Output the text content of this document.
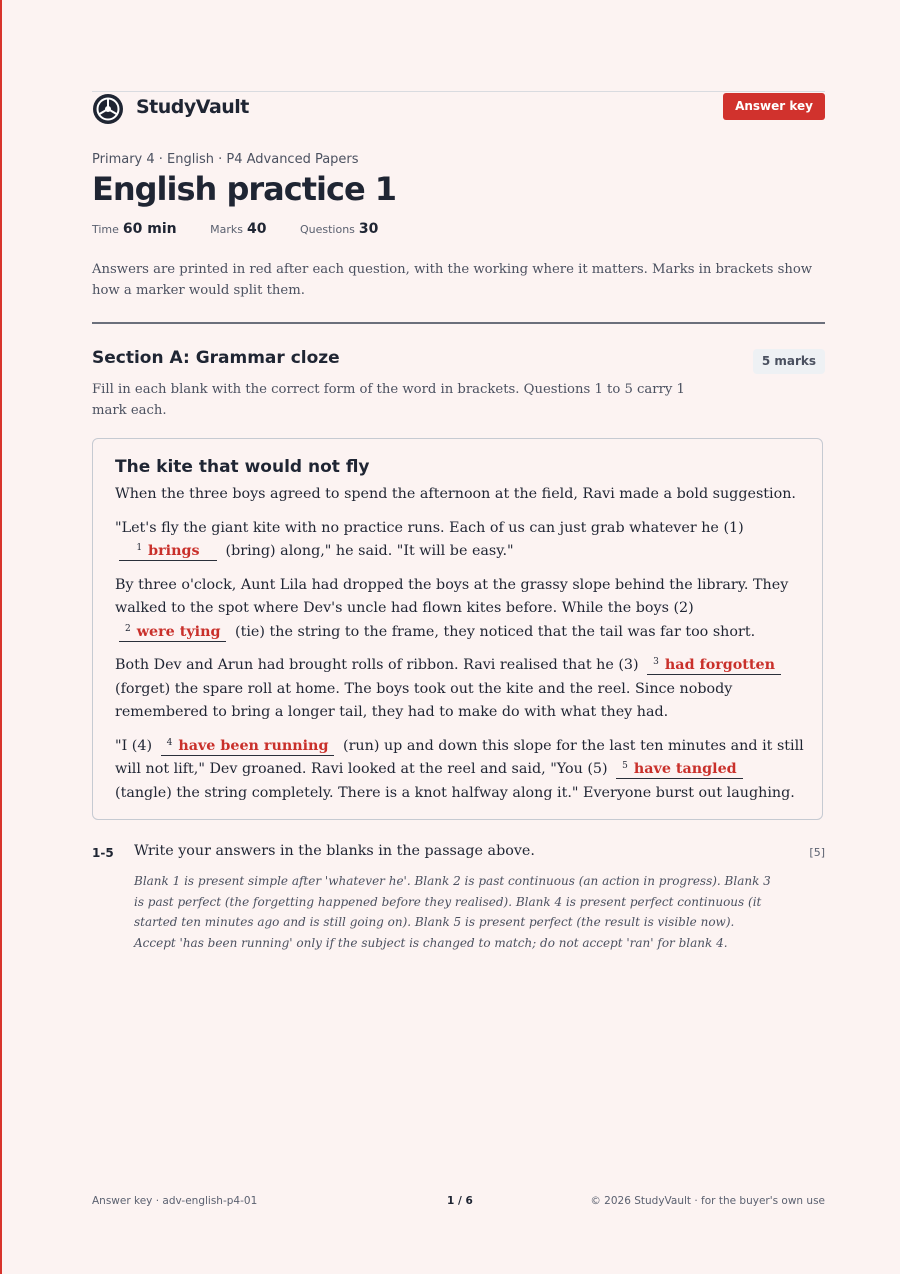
StudyVault	Answer key
Primary 4 · English · P4 Advanced Papers
English practice 1
Time 60 min	Marks 40	Questions 30

Answers are printed in red after each question, with the working where it matters. Marks in brackets show how a marker would split them.

Section A: Grammar cloze	5 marks

Fill in each blank with the correct form of the word in brackets. Questions 1 to 5 carry 1 mark each.

The kite that would not fly

When the three boys agreed to spend the afternoon at the field, Ravi made a bold suggestion.

"Let's fly the giant kite with no practice runs. Each of us can just grab whatever he (1) $^1$ brings (bring) along," he said. "It will be easy."

By three o'clock, Aunt Lila had dropped the boys at the grassy slope behind the library. They walked to the spot where Dev's uncle had flown kites before. While the boys (2) $^2$ were tying (tie) the string to the frame, they noticed that the tail was far too short.

Both Dev and Arun had brought rolls of ribbon. Ravi realised that he (3) $^3$ had forgotten (forget) the spare roll at home. The boys took out the kite and the reel. Since nobody remembered to bring a longer tail, they had to make do with what they had.

"I (4) $^4$ have been running (run) up and down this slope for the last ten minutes and it still will not lift," Dev groaned. Ravi looked at the reel and said, "You (5) $^5$ have tangled (tangle) the string completely. There is a knot halfway along it." Everyone burst out laughing.

1-5 Write your answers in the blanks in the passage above.	[5]

Blank 1 is present simple after 'whatever he'. Blank 2 is past continuous (an action in progress). Blank 3 is past perfect (the forgetting happened before they realised). Blank 4 is present perfect continuous (it started ten minutes ago and is still going on). Blank 5 is present perfect (the result is visible now). Accept 'has been running' only if the subject is changed to match; do not accept 'ran' for blank 4.

Answer key · adv-english-p4-01	1 / 6	© 2026 StudyVault · for the buyer's own use
